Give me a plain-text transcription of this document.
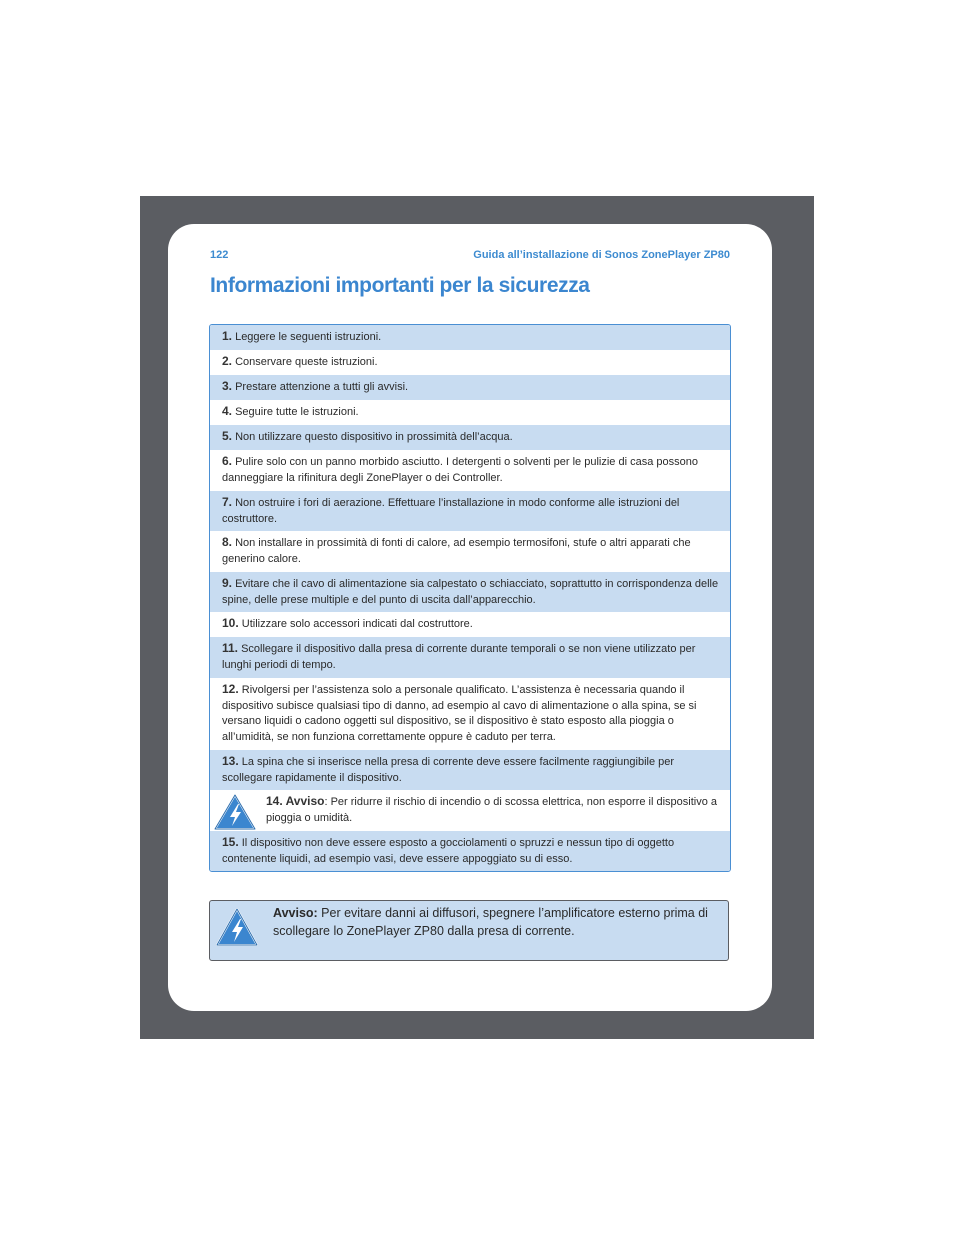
122	Guida all’installazione di Sonos ZonePlayer ZP80
Informazioni importanti per la sicurezza
1. Leggere le seguenti istruzioni.
2. Conservare queste istruzioni.
3. Prestare attenzione a tutti gli avvisi.
4. Seguire tutte le istruzioni.
5. Non utilizzare questo dispositivo in prossimità dell’acqua.
6. Pulire solo con un panno morbido asciutto. I detergenti o solventi per le pulizie di casa possono danneggiare la rifinitura degli ZonePlayer o dei Controller.
7. Non ostruire i fori di aerazione. Effettuare l’installazione in modo conforme alle istruzioni del costruttore.
8. Non installare in prossimità di fonti di calore, ad esempio termosifoni, stufe o altri apparati che generino calore.
9. Evitare che il cavo di alimentazione sia calpestato o schiacciato, soprattutto in corrispondenza delle spine, delle prese multiple e del punto di uscita dall’apparecchio.
10. Utilizzare solo accessori indicati dal costruttore.
11. Scollegare il dispositivo dalla presa di corrente durante temporali o se non viene utilizzato per lunghi periodi di tempo.
12. Rivolgersi per l’assistenza solo a personale qualificato. L’assistenza è necessaria quando il dispositivo subisce qualsiasi tipo di danno, ad esempio al cavo di alimentazione o alla spina, se si versano liquidi o cadono oggetti sul dispositivo, se il dispositivo è stato esposto alla pioggia o all’umidità, se non funziona correttamente oppure è caduto per terra.
13. La spina che si inserisce nella presa di corrente deve essere facilmente raggiungibile per scollegare rapidamente il dispositivo.
14. Avviso: Per ridurre il rischio di incendio o di scossa elettrica, non esporre il dispositivo a pioggia o umidità.
15. Il dispositivo non deve essere esposto a gocciolamenti o spruzzi e nessun tipo di oggetto contenente liquidi, ad esempio vasi, deve essere appoggiato su di esso.
Avviso: Per evitare danni ai diffusori, spegnere l’amplificatore esterno prima di scollegare lo ZonePlayer ZP80 dalla presa di corrente.
